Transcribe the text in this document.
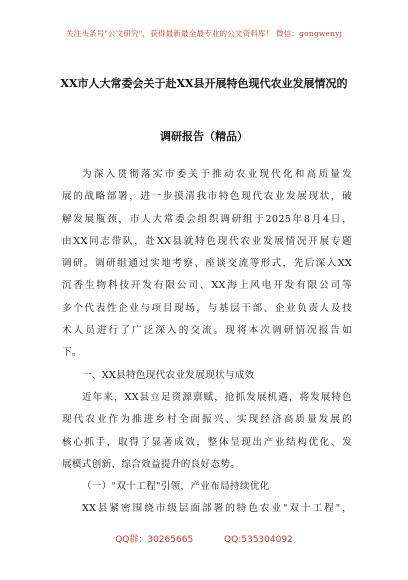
关注头条号"公文研究"，获得最新最全最专业的公文资料库！ 微信：gongwenyj
XX市人大常委会关于赴XX县开展特色现代农业发展情况的
调研报告（精品）
为深入贯彻落实市委关于推动农业现代化和高质量发
展的战略部署，进一步摸清我市特色现代农业发展现状，破
解发展瓶颈，市人大常委会组织调研组于2025年8月4日，
由XX同志带队，赴XX县就特色现代农业发展情况开展专题
调研。调研组通过实地考察、座谈交流等形式，先后深入XX
沉香生物科技开发有限公司、XX海上风电开发有限公司等
多个代表性企业与项目现场，与基层干部、企业负责人及技
术人员进行了广泛深入的交流。现将本次调研情况报告如
下。
一、XX县特色现代农业发展现状与成效
近年来，XX县立足资源禀赋，抢抓发展机遇，将发展特色
现代农业作为推进乡村全面振兴、实现经济高质量发展的
核心抓手，取得了显著成效，整体呈现出产业结构优化、发
展模式创新、综合效益提升的良好态势。
（一）"双十工程"引领，产业布局持续优化
XX县紧密围绕市级层面部署的特色农业"双十工程"，
QQ群：30265665	QQ:535304092
